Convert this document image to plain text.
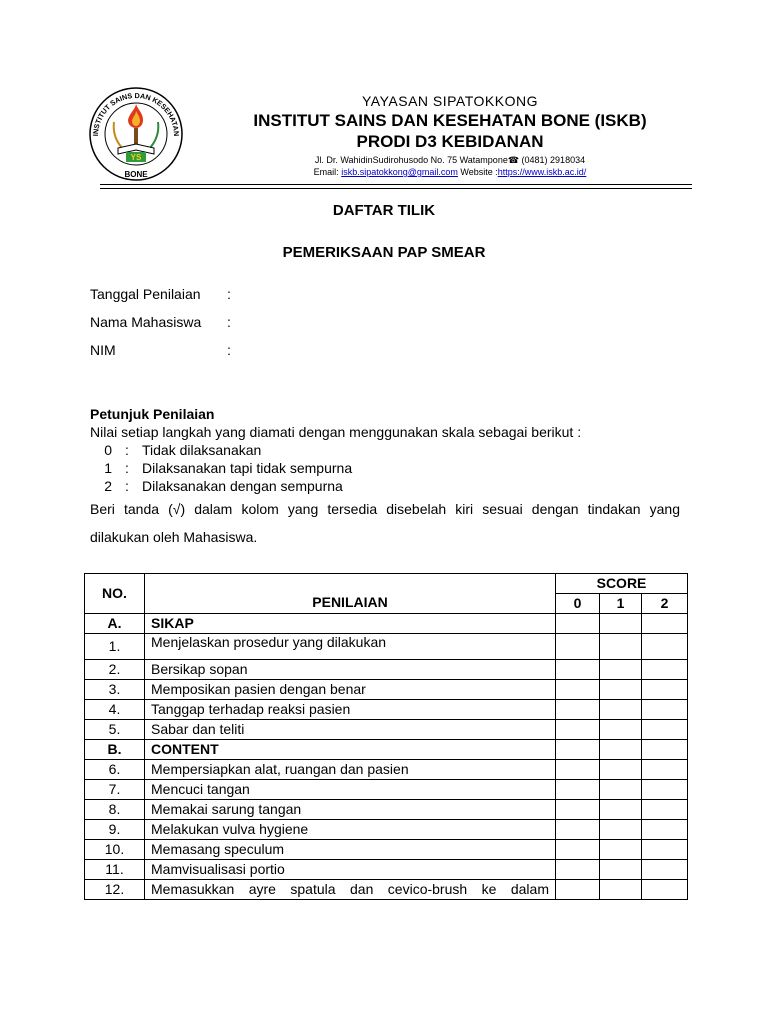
INSTITUT SAINS DAN KESEHATAN
BONE
YS
YAYASAN SIPATOKKONG
INSTITUT SAINS DAN KESEHATAN BONE (ISKB)
PRODI D3 KEBIDANAN
Jl. Dr. WahidinSudirohusodo No. 75 Watampone☎ (0481) 2918034
Email: iskb.sipatokkong@gmail.com Website :https://www.iskb.ac.id/
DAFTAR TILIK
PEMERIKSAAN PAP SMEAR
Tanggal Penilaian :
Nama Mahasiswa :
NIM	:
Petunjuk Penilaian
Nilai setiap langkah yang diamati dengan menggunakan skala sebagai berikut :
0 : Tidak dilaksanakan
1 : Dilaksanakan tapi tidak sempurna
2 : Dilaksanakan dengan sempurna
Beri tanda (√) dalam kolom yang tersedia disebelah kiri sesuai dengan tindakan yang dilakukan oleh Mahasiswa.
NO.	PENILAIAN	SCORE		
		0	1	2
A.	SIKAP			
1.	Menjelaskan prosedur yang dilakukan			
2.	Bersikap sopan			
3.	Memposikan pasien dengan benar			
4.	Tanggap terhadap reaksi pasien			
5.	Sabar dan teliti			
B.	CONTENT			
6.	Mempersiapkan alat, ruangan dan pasien			
7.	Mencuci tangan			
8.	Memakai sarung tangan			
9.	Melakukan vulva hygiene			
10.	Memasang speculum			
11.	Mamvisualisasi portio			
12.	Memasukkan ayre spatula dan cevico-brush ke dalam			
